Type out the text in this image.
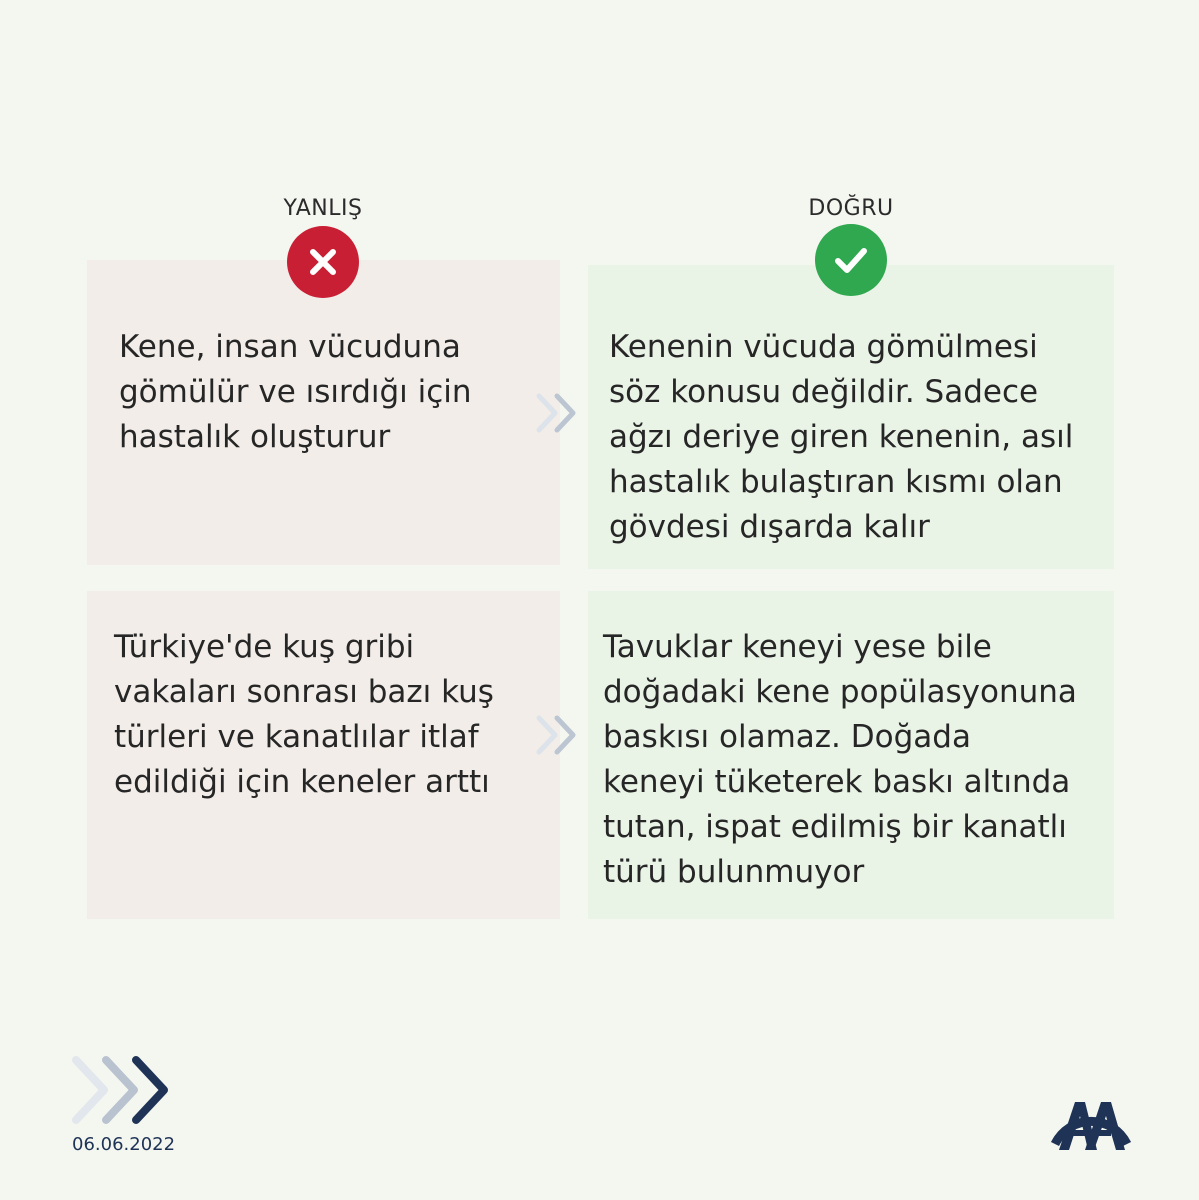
YANLIŞ	DOĞRU
Kene, insan vücuduna
gömülür ve ısırdığı için
hastalık oluşturur
Kenenin vücuda gömülmesi
söz konusu değildir. Sadece
ağzı deriye giren kenenin, asıl
hastalık bulaştıran kısmı olan
gövdesi dışarda kalır
Türkiye'de kuş gribi
vakaları sonrası bazı kuş
türleri ve kanatlılar itlaf
edildiği için keneler arttı
Tavuklar keneyi yese bile
doğadaki kene popülasyonuna
baskısı olamaz. Doğada
keneyi tüketerek baskı altında
tutan, ispat edilmiş bir kanatlı
türü bulunmuyor
06.06.2022
